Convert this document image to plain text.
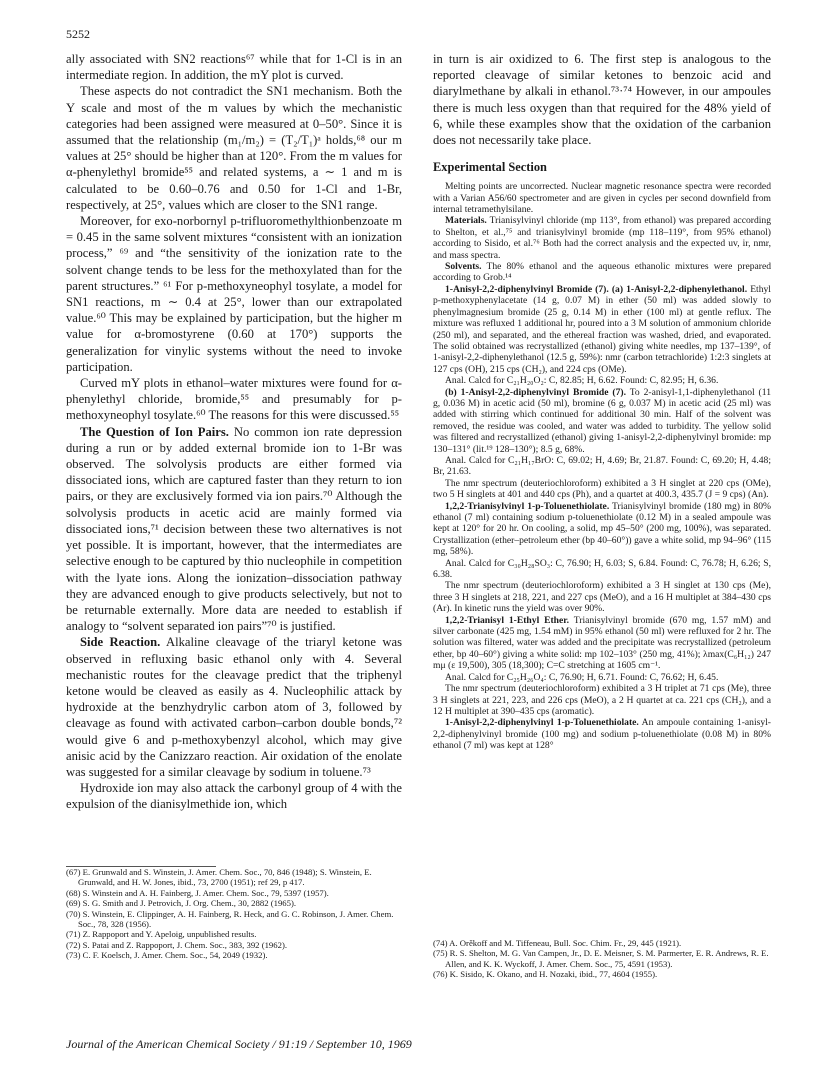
5252

ally associated with SN2 reactions⁶⁷ while that for 1-Cl is in an intermediate region. In addition, the mY plot is curved.

These aspects do not contradict the SN1 mechanism. Both the Y scale and most of the m values by which the mechanistic categories had been assigned were measured at 0–50°. Since it is assumed that the relationship (m₁/m₂) = (T₂/T₁)ᵃ holds,⁶⁸ our m values at 25° should be higher than at 120°. From the m values for α-phenylethyl bromide⁵⁵ and related systems, a ∼ 1 and m is calculated to be 0.60–0.76 and 0.50 for 1-Cl and 1-Br, respectively, at 25°, values which are closer to the SN1 range.

Moreover, for exo-norbornyl p-trifluoromethylthionbenzoate m = 0.45 in the same solvent mixtures “consistent with an ionization process,” ⁶⁹ and “the sensitivity of the ionization rate to the solvent change tends to be less for the methoxylated than for the parent structures.” ⁶¹ For p-methoxyneophyl tosylate, a model for SN1 reactions, m ∼ 0.4 at 25°, lower than our extrapolated value.⁶⁰ This may be explained by participation, but the higher m value for α-bromostyrene (0.60 at 170°) supports the generalization for vinylic systems without the need to invoke participation.

Curved mY plots in ethanol–water mixtures were found for α-phenylethyl chloride, bromide,⁵⁵ and presumably for p-methoxyneophyl tosylate.⁶⁰ The reasons for this were discussed.⁵⁵

The Question of Ion Pairs. No common ion rate depression during a run or by added external bromide ion to 1-Br was observed. The solvolysis products are either formed via dissociated ions, which are captured faster than they return to ion pairs, or they are exclusively formed via ion pairs.⁷⁰ Although the solvolysis products in acetic acid are mainly formed via dissociated ions,⁷¹ decision between these two alternatives is not yet possible. It is important, however, that the intermediates are selective enough to be captured by thio nucleophile in competition with the lyate ions. Along the ionization–dissociation pathway they are advanced enough to give products selectively, but not to be returnable externally. More data are needed to establish if analogy to “solvent separated ion pairs”⁷⁰ is justified.

Side Reaction. Alkaline cleavage of the triaryl ketone was observed in refluxing basic ethanol only with 4. Several mechanistic routes for the cleavage predict that the triphenyl ketone would be cleaved as easily as 4. Nucleophilic attack by hydroxide at the benzhydrylic carbon atom of 3, followed by cleavage as found with activated carbon–carbon double bonds,⁷² would give 6 and p-methoxybenzyl alcohol, which may give anisic acid by the Canizzaro reaction. Air oxidation of the enolate was suggested for a similar cleavage by sodium in toluene.⁷³

Hydroxide ion may also attack the carbonyl group of 4 with the expulsion of the dianisylmethide ion, which

(67) E. Grunwald and S. Winstein, J. Amer. Chem. Soc., 70, 846 (1948); S. Winstein, E. Grunwald, and H. W. Jones, ibid., 73, 2700 (1951); ref 29, p 417.

(68) S. Winstein and A. H. Fainberg, J. Amer. Chem. Soc., 79, 5397 (1957).

(69) S. G. Smith and J. Petrovich, J. Org. Chem., 30, 2882 (1965).

(70) S. Winstein, E. Clippinger, A. H. Fainberg, R. Heck, and G. C. Robinson, J. Amer. Chem. Soc., 78, 328 (1956).

(71) Z. Rappoport and Y. Apeloig, unpublished results.

(72) S. Patai and Z. Rappoport, J. Chem. Soc., 383, 392 (1962).

(73) C. F. Koelsch, J. Amer. Chem. Soc., 54, 2049 (1932).

in turn is air oxidized to 6. The first step is analogous to the reported cleavage of similar ketones to benzoic acid and diarylmethane by alkali in ethanol.⁷³·⁷⁴ However, in our ampoules there is much less oxygen than that required for the 48% yield of 6, while these examples show that the oxidation of the carbanion does not necessarily take place.

Experimental Section

Melting points are uncorrected. Nuclear magnetic resonance spectra were recorded with a Varian A56/60 spectrometer and are given in cycles per second downfield from internal tetramethylsilane.

Materials. Trianisylvinyl chloride (mp 113°, from ethanol) was prepared according to Shelton, et al.,⁷⁵ and trianisylvinyl bromide (mp 118–119°, from 95% ethanol) according to Sisido, et al.⁷⁶ Both had the correct analysis and the expected uv, ir, nmr, and mass spectra.

Solvents. The 80% ethanol and the aqueous ethanolic mixtures were prepared according to Grob.¹⁴

1-Anisyl-2,2-diphenylvinyl Bromide (7). (a) 1-Anisyl-2,2-diphenylethanol. Ethyl p-methoxyphenylacetate (14 g, 0.07 M) in ether (50 ml) was added slowly to phenylmagnesium bromide (25 g, 0.14 M) in ether (100 ml) at gentle reflux. The mixture was refluxed 1 additional hr, poured into a 3 M solution of ammonium chloride (250 ml), and separated, and the ethereal fraction was washed, dried, and evaporated. The solid obtained was recrystallized (ethanol) giving white needles, mp 137–139°, of 1-anisyl-2,2-diphenylethanol (12.5 g, 59%): nmr (carbon tetrachloride) 1:2:3 singlets at 127 cps (OH), 215 cps (CH₂), and 224 cps (OMe).

Anal. Calcd for C₂₁H₂₀O₂: C, 82.85; H, 6.62. Found: C, 82.95; H, 6.36.

(b) 1-Anisyl-2,2-diphenylvinyl Bromide (7). To 2-anisyl-1,1-diphenylethanol (11 g, 0.036 M) in acetic acid (50 ml), bromine (6 g, 0.037 M) in acetic acid (25 ml) was added with stirring which continued for additional 30 min. Half of the solvent was removed, the residue was cooled, and water was added to turbidity. The yellow solid was filtered and recrystallized (ethanol) giving 1-anisyl-2,2-diphenylvinyl bromide: mp 130–131° (lit.¹⁹ 128–130°); 8.5 g, 68%.

Anal. Calcd for C₂₁H₁₇BrO: C, 69.02; H, 4.69; Br, 21.87. Found: C, 69.20; H, 4.48; Br, 21.63.

The nmr spectrum (deuteriochloroform) exhibited a 3 H singlet at 220 cps (OMe), two 5 H singlets at 401 and 440 cps (Ph), and a quartet at 400.3, 435.7 (J = 9 cps) (An).

1,2,2-Trianisylvinyl 1-p-Toluenethiolate. Trianisylvinyl bromide (180 mg) in 80% ethanol (7 ml) containing sodium p-toluenethiolate (0.12 M) in a sealed ampoule was kept at 120° for 20 hr. On cooling, a solid, mp 45–50° (200 mg, 100%), was separated. Crystallization (ether–petroleum ether (bp 40–60°)) gave a white solid, mp 94–96° (115 mg, 58%).

Anal. Calcd for C₃₀H₂₈SO₃: C, 76.90; H, 6.03; S, 6.84. Found: C, 76.78; H, 6.26; S, 6.38.

The nmr spectrum (deuteriochloroform) exhibited a 3 H singlet at 130 cps (Me), three 3 H singlets at 218, 221, and 227 cps (MeO), and a 16 H multiplet at 384–430 cps (Ar). In kinetic runs the yield was over 90%.

1,2,2-Trianisyl 1-Ethyl Ether. Trianisylvinyl bromide (670 mg, 1.57 mM) and silver carbonate (425 mg, 1.54 mM) in 95% ethanol (50 ml) were refluxed for 2 hr. The solution was filtered, water was added and the precipitate was recrystallized (petroleum ether, bp 40–60°) giving a white solid: mp 102–103° (250 mg, 41%); λmax(C₆H₁₂) 247 mμ (ε 19,500), 305 (18,300); C=C stretching at 1605 cm⁻¹.

Anal. Calcd for C₂₅H₂₆O₄: C, 76.90; H, 6.71. Found: C, 76.62; H, 6.45.

The nmr spectrum (deuteriochloroform) exhibited a 3 H triplet at 71 cps (Me), three 3 H singlets at 221, 223, and 226 cps (MeO), a 2 H quartet at ca. 221 cps (CH₂), and a 12 H multiplet at 390–435 cps (aromatic).

1-Anisyl-2,2-diphenylvinyl 1-p-Toluenethiolate. An ampoule containing 1-anisyl-2,2-diphenylvinyl bromide (100 mg) and sodium p-toluenethiolate (0.08 M) in 80% ethanol (7 ml) was kept at 128°

(74) A. Orěkoff and M. Tiffeneau, Bull. Soc. Chim. Fr., 29, 445 (1921).

(75) R. S. Shelton, M. G. Van Campen, Jr., D. E. Meisner, S. M. Parmerter, E. R. Andrews, R. E. Allen, and K. K. Wyckoff, J. Amer. Chem. Soc., 75, 4591 (1953).

(76) K. Sisido, K. Okano, and H. Nozaki, ibid., 77, 4604 (1955).

Journal of the American Chemical Society / 91:19 / September 10, 1969
